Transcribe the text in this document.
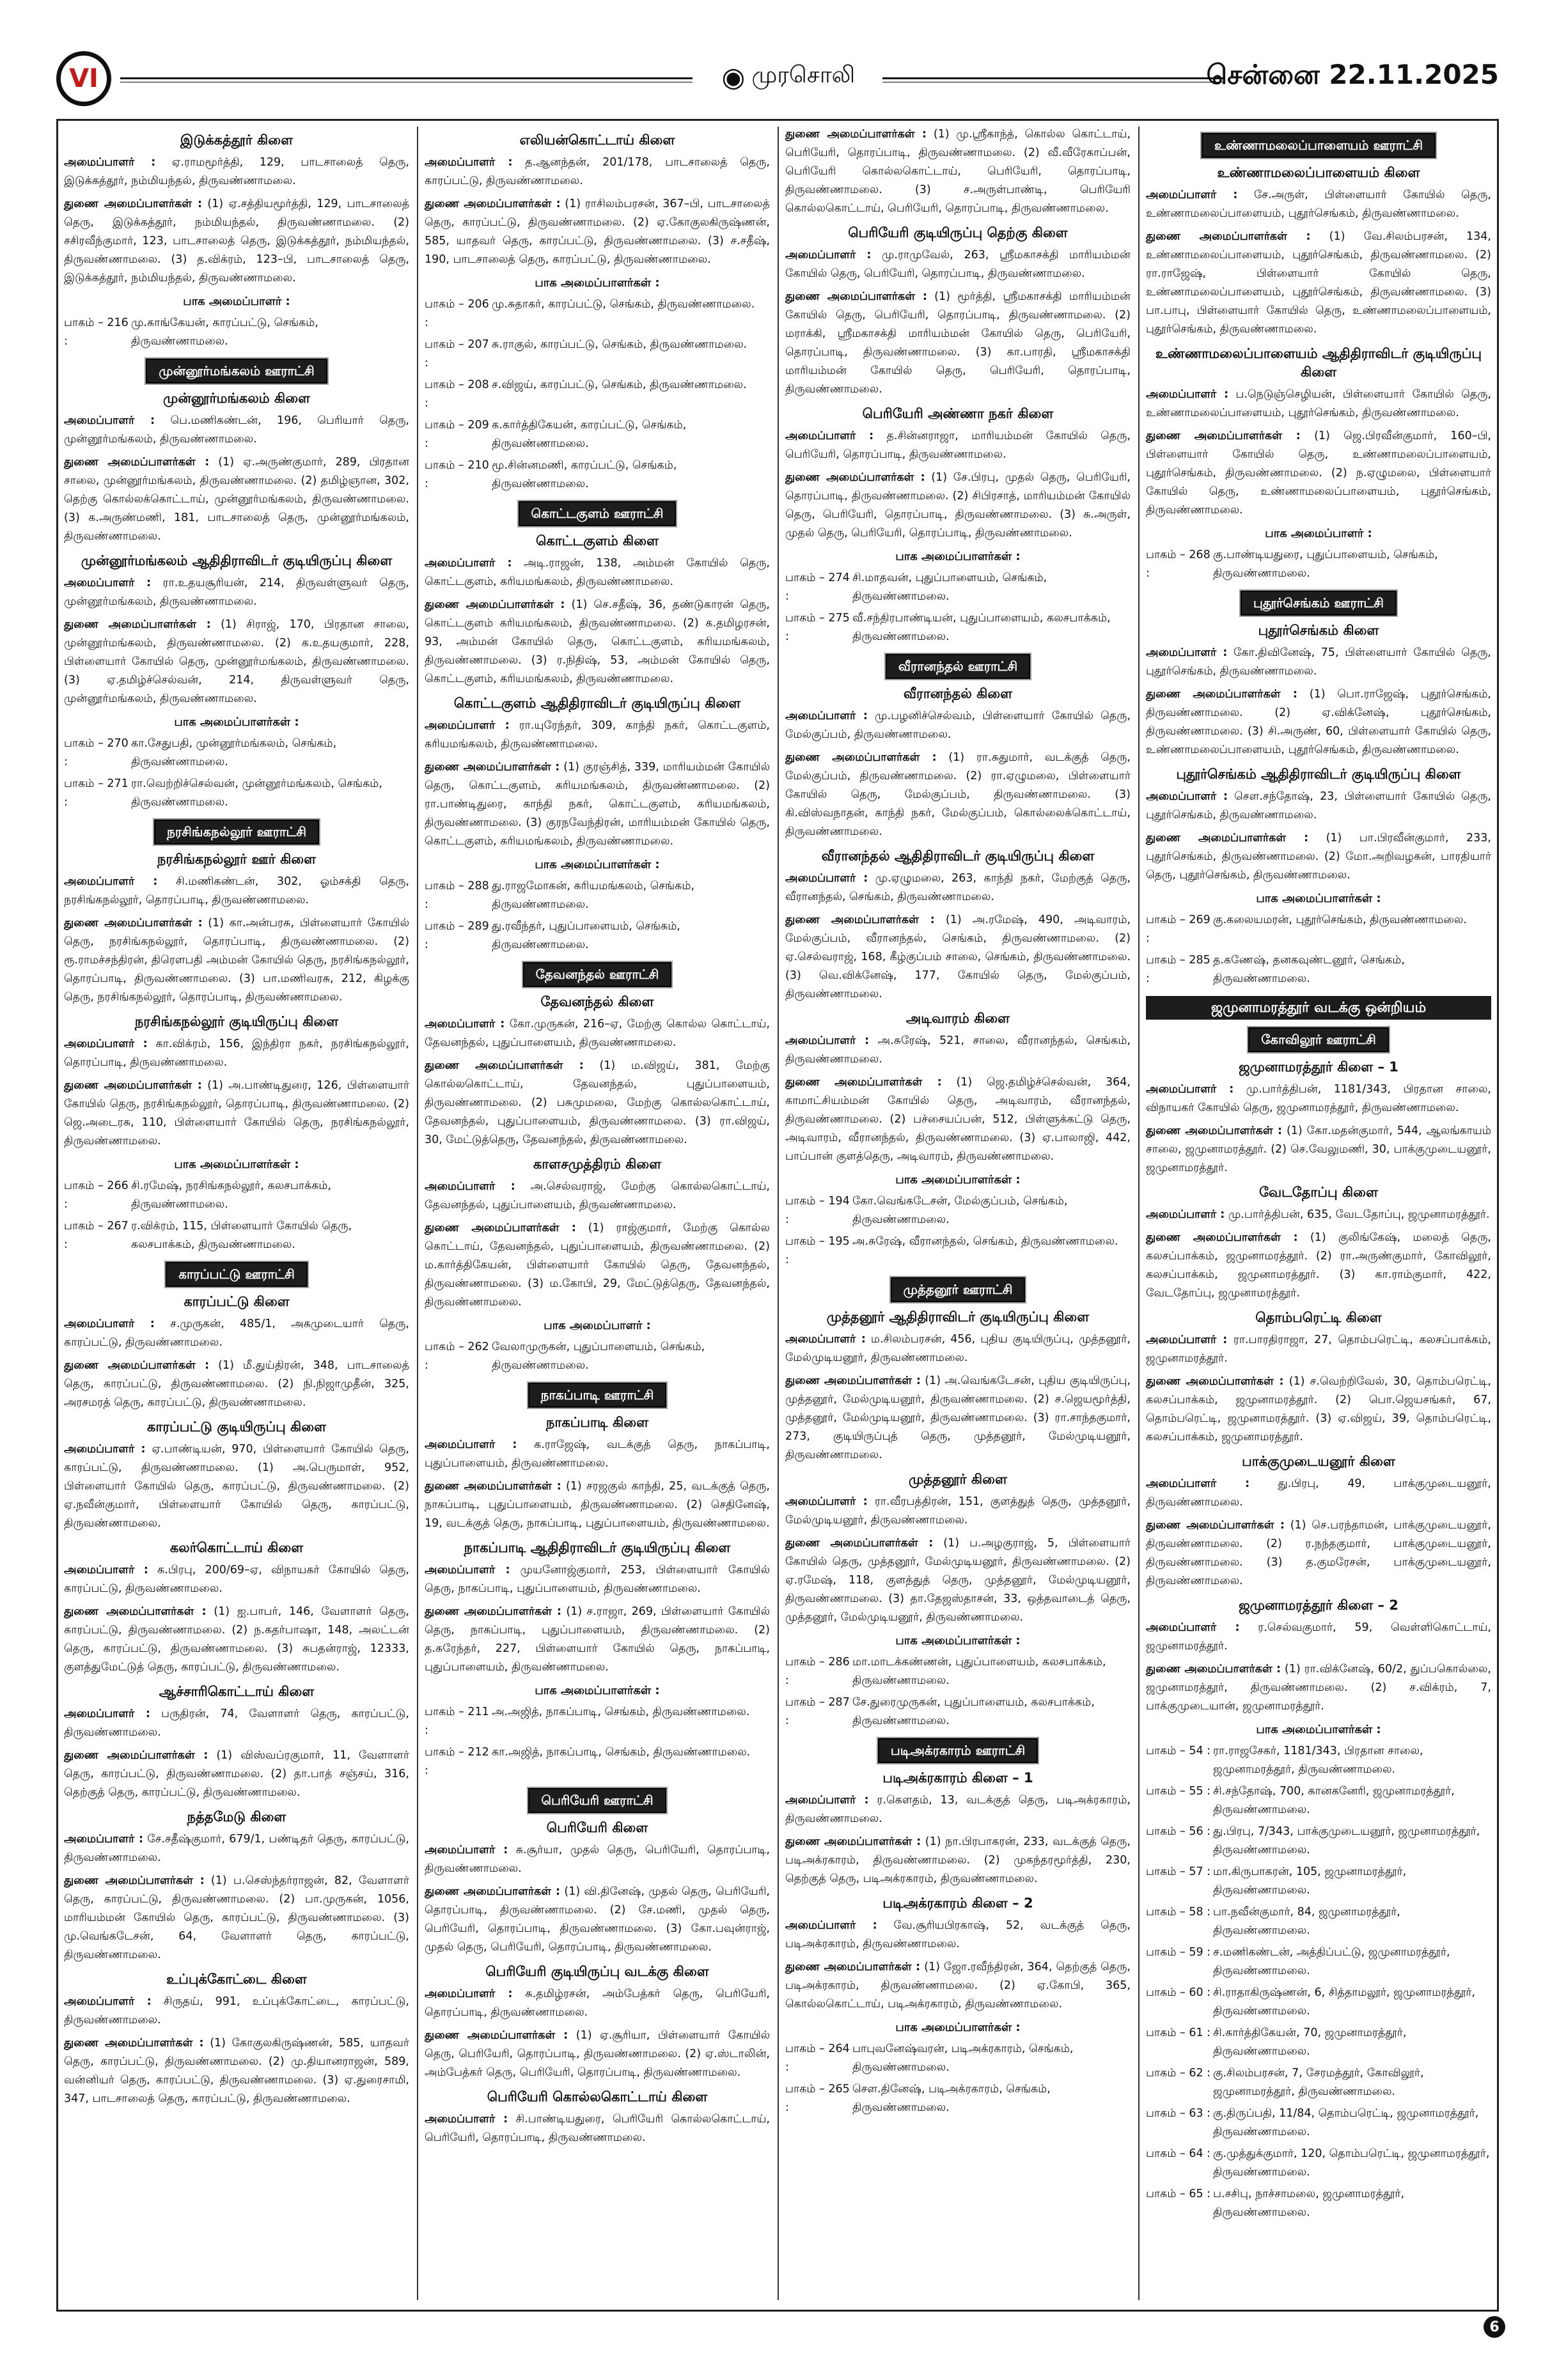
VI	◉ முரசொலி	சென்னை 22.11.2025
இடுக்கத்தூர் கிளை
அமைப்பாளர் : ஏ.ராமமூர்த்தி, 129, பாடசாலைத் தெரு, இடுக்கத்தூர், நம்மியந்தல், திருவண்ணாமலை.
துணை அமைப்பாளர்கள் : (1) ஏ.சத்தியமூர்த்தி, 129, பாடசாலைத் தெரு, இடுக்கத்தூர், நம்மியந்தல், திருவண்ணாமலை. (2) சசிரவீந்குமார், 123, பாடசாலைத் தெரு, இடுக்கத்தூர், நம்மியந்தல், திருவண்ணாமலை. (3) த.விக்ரம், 123–பி, பாடசாலைத் தெரு, இடுக்கத்தூர், நம்மியந்தல், திருவண்ணாமலை.
பாக அமைப்பாளர் :
பாகம் – 216 :
மு.காங்கேயன், காரப்பட்டு, செங்கம், திருவண்ணாமலை.
முன்னூர்மங்கலம் ஊராட்சி
முன்னூர்மங்கலம் கிளை
அமைப்பாளர் : பெ.மணிகண்டன், 196, பெரியார் தெரு, முன்னூர்மங்கலம், திருவண்ணாமலை.
துணை அமைப்பாளர்கள் : (1) ஏ.அருண்குமார், 289, பிரதான சாலை, முன்னூர்மங்கலம், திருவண்ணாமலை. (2) தமிழ்ஞான, 302, தெற்கு கொல்லக்கொட்டாய், முன்னூர்மங்கலம், திருவண்ணாமலை. (3) க.அருண்மணி, 181, பாடசாலைத் தெரு, முன்னூர்மங்கலம், திருவண்ணாமலை.
முன்னூர்மங்கலம் ஆதிதிராவிடர் குடியிருப்பு கிளை
அமைப்பாளர் : ரா.உதயசூரியன், 214, திருவள்ளுவர் தெரு, முன்னூர்மங்கலம், திருவண்ணாமலை.
துணை அமைப்பாளர்கள் : (1) சிராஜ், 170, பிரதான சாலை, முன்னூர்மங்கலம், திருவண்ணாமலை. (2) க.உதயகுமார், 228, பிள்ளையார் கோயில் தெரு, முன்னூர்மங்கலம், திருவண்ணாமலை. (3) ஏ.தமிழ்ச்செல்வன், 214, திருவள்ளுவர் தெரு, முன்னூர்மங்கலம், திருவண்ணாமலை.
பாக அமைப்பாளர்கள் :
பாகம் – 270 :
கா.சேதுபதி, முன்னூர்மங்கலம், செங்கம், திருவண்ணாமலை.
பாகம் – 271 :
ரா.வெற்றிச்செல்வன், முன்னூர்மங்கலம், செங்கம், திருவண்ணாமலை.
நரசிங்கநல்லூர் ஊராட்சி
நரசிங்கநல்லூர் ஊர் கிளை
அமைப்பாளர் : சி.மணிகண்டன், 302, ஓம்சக்தி தெரு, நரசிங்கநல்லூர், தொரப்பாடி, திருவண்ணாமலை.
துணை அமைப்பாளர்கள் : (1) கா.அன்பரசு, பிள்ளையார் கோயில் தெரு, நரசிங்கநல்லூர், தொரப்பாடி, திருவண்ணாமலை. (2) ரூ.ராமச்சந்திரன், திரௌபதி அம்மன் கோயில் தெரு, நரசிங்கநல்லூர், தொரப்பாடி, திருவண்ணாமலை. (3) பா.மணிவரசு, 212, கிழக்கு தெரு, நரசிங்கநல்லூர், தொரப்பாடி, திருவண்ணாமலை.
நரசிங்கநல்லூர் குடியிருப்பு கிளை
அமைப்பாளர் : கா.விக்ரம், 156, இந்திரா நகர், நரசிங்கநல்லூர், தொரப்பாடி, திருவண்ணாமலை.
துணை அமைப்பாளர்கள் : (1) அ.பாண்டிதுரை, 126, பிள்ளையார் கோயில் தெரு, நரசிங்கநல்லூர், தொரப்பாடி, திருவண்ணாமலை. (2) ஜெ.அடைரசு, 110, பிள்ளையார் கோயில் தெரு, நரசிங்கநல்லூர், திருவண்ணாமலை.
பாக அமைப்பாளர்கள் :
பாகம் – 266 :
சி.ரமேஷ், நரசிங்கநல்லூர், கலசபாக்கம், திருவண்ணாமலை.
பாகம் – 267 :
ர.விக்ரம், 115, பிள்ளையார் கோயில் தெரு, கலசபாக்கம், திருவண்ணாமலை.
காரப்பட்டு ஊராட்சி
காரப்பட்டு கிளை
அமைப்பாளர் : ச.முருகன், 485/1, அகமுடையார் தெரு, காரப்பட்டு, திருவண்ணாமலை.
துணை அமைப்பாளர்கள் : (1) மீ.துய்திரன், 348, பாடசாலைத் தெரு, காரப்பட்டு, திருவண்ணாமலை. (2) நி.நிஜாமுதீன், 325, அரசமரத் தெரு, காரப்பட்டு, திருவண்ணாமலை.
காரப்பட்டு குடியிருப்பு கிளை
அமைப்பாளர் : ஏ.பாண்டியன், 970, பிள்ளையார் கோயில் தெரு, காரப்பட்டு, திருவண்ணாமலை. (1) அ.பெருமாள், 952, பிள்ளையார் கோயில் தெரு, காரப்பட்டு, திருவண்ணாமலை. (2) ஏ.நவீன்குமார், பிள்ளையார் கோயில் தெரு, காரப்பட்டு, திருவண்ணாமலை.
கலர்கொட்டாய் கிளை
அமைப்பாளர் : க.பிரபு, 200/69–ஏ, விநாயகர் கோயில் தெரு, காரப்பட்டு, திருவண்ணாமலை.
துணை அமைப்பாளர்கள் : (1) ஐ.பாபர், 146, வேளாளர் தெரு, காரப்பட்டு, திருவண்ணாமலை. (2) ந.கதர்பாஷா, 148, அலட்டன் தெரு, காரப்பட்டு, திருவண்ணாமலை. (3) சுபதன்ராஜ், 12333, குளத்துமேட்டுத் தெரு, காரப்பட்டு, திருவண்ணாமலை.
ஆச்சாரிகொட்டாய் கிளை
அமைப்பாளர் : பருதிரன், 74, வேளாளர் தெரு, காரப்பட்டு, திருவண்ணாமலை.
துணை அமைப்பாளர்கள் : (1) விஸ்வப்ரகுமார், 11, வேளாளர் தெரு, காரப்பட்டு, திருவண்ணாமலை. (2) தா.பாத் சஞ்சய், 316, தெற்குத் தெரு, காரப்பட்டு, திருவண்ணாமலை.
நத்தமேடு கிளை
அமைப்பாளர் : சே.சதீஷ்குமார், 679/1, பண்டிதர் தெரு, காரப்பட்டு, திருவண்ணாமலை.
துணை அமைப்பாளர்கள் : (1) ப.செஸ்ந்தர்ராஜன், 82, வேளாளர் தெரு, காரப்பட்டு, திருவண்ணாமலை. (2) பா.முருகன், 1056, மாரியம்மன் கோயில் தெரு, காரப்பட்டு, திருவண்ணாமலை. (3) மு.வெங்கடேசன், 64, வேளாளர் தெரு, காரப்பட்டு, திருவண்ணாமலை.
உப்புக்கோட்டை கிளை
அமைப்பாளர் : சிருதய், 991, உப்புக்கோட்டை, காரப்பட்டு, திருவண்ணாமலை.
துணை அமைப்பாளர்கள் : (1) கோகுலகிருஷ்ணன், 585, யாதவர் தெரு, காரப்பட்டு, திருவண்ணாமலை. (2) மு.தியானராஜன், 589, வன்னியர் தெரு, காரப்பட்டு, திருவண்ணாமலை. (3) ஏ.துரைசாமி, 347, பாடசாலைத் தெரு, காரப்பட்டு, திருவண்ணாமலை.
எலியன்கொட்டாய் கிளை
அமைப்பாளர் : த.ஆனந்தன், 201/178, பாடசாலைத் தெரு, காரப்பட்டு, திருவண்ணாமலை.
துணை அமைப்பாளர்கள் : (1) ராசிலம்பரசன், 367–பி, பாடசாலைத் தெரு, காரப்பட்டு, திருவண்ணாமலை. (2) ஏ.கோகுலகிருஷ்ணன், 585, யாதவர் தெரு, காரப்பட்டு, திருவண்ணாமலை. (3) ச.சதீஷ், 190, பாடசாலைத் தெரு, காரப்பட்டு, திருவண்ணாமலை.
பாக அமைப்பாளர்கள் :
பாகம் – 206 :
மு.சுதாகர், காரப்பட்டு, செங்கம், திருவண்ணாமலை.
பாகம் – 207 :
சு.ராகுல், காரப்பட்டு, செங்கம், திருவண்ணாமலை.
பாகம் – 208 :
ச.விஜய், காரப்பட்டு, செங்கம், திருவண்ணாமலை.
பாகம் – 209 :
க.கார்த்திகேயன், காரப்பட்டு, செங்கம், திருவண்ணாமலை.
பாகம் – 210 :
மூ.சின்னமணி, காரப்பட்டு, செங்கம், திருவண்ணாமலை.
கொட்டகுளம் ஊராட்சி
கொட்டகுளம் கிளை
அமைப்பாளர் : அடி.ராஜன், 138, அம்மன் கோயில் தெரு, கொட்டகுளம், கரியமங்கலம், திருவண்ணாமலை.
துணை அமைப்பாளர்கள் : (1) செ.சதீஷ், 36, தண்டுகாரன் தெரு, கொட்டகுளம் கரியமங்கலம், திருவண்ணாமலை. (2) க.தமிழரசன், 93, அம்மன் கோயில் தெரு, கொட்டகுளம், கரியமங்கலம், திருவண்ணாமலை. (3) ர.நிதிஷ், 53, அம்மன் கோயில் தெரு, கொட்டகுளம், கரியமங்கலம், திருவண்ணாமலை.
கொட்டகுளம் ஆதிதிராவிடர் குடியிருப்பு கிளை
அமைப்பாளர் : ரா.யுரேந்தர், 309, காந்தி நகர், கொட்டகுளம், கரியமங்கலம், திருவண்ணாமலை.
துணை அமைப்பாளர்கள் : (1) குரஞ்சித், 339, மாரியம்மன் கோயில் தெரு, கொட்டகுளம், கரியமங்கலம், திருவண்ணாமலை. (2) ரா.பாண்டிதுரை, காந்தி நகர், கொட்டகுளம், கரியமங்கலம், திருவண்ணாமலை. (3) குரநவேந்திரன், மாரியம்மன் கோயில் தெரு, கொட்டகுளம், கரியமங்கலம், திருவண்ணாமலை.
பாக அமைப்பாளர்கள் :
பாகம் – 288 :
து.ராஜமோகன், கரியமங்கலம், செங்கம், திருவண்ணாமலை.
பாகம் – 289 :
து.ரவீந்தர், புதுப்பாளையம், செங்கம், திருவண்ணாமலை.
தேவனந்தல் ஊராட்சி
தேவனந்தல் கிளை
அமைப்பாளர் : கோ.முருகன், 216–ஏ, மேற்கு கொல்ல கொட்டாய், தேவனந்தல், புதுப்பாளையம், திருவண்ணாமலை.
துணை அமைப்பாளர்கள் : (1) ம.விஜய், 381, மேற்கு கொல்லகொட்டாய், தேவனந்தல், புதுப்பாளையம், திருவண்ணாமலை. (2) பசுமுமலை, மேற்கு கொல்லகொட்டாய், தேவனந்தல், புதுப்பாளையம், திருவண்ணாமலை. (3) ரா.விஜய், 30, மேட்டுத்தெரு, தேவனந்தல், திருவண்ணாமலை.
காளசமுத்திரம் கிளை
அமைப்பாளர் : அ.செல்வராஜ், மேற்கு கொல்லகொட்டாய், தேவனந்தல், புதுப்பாளையம், திருவண்ணாமலை.
துணை அமைப்பாளர்கள் : (1) ராஜ்குமார், மேற்கு கொல்ல கொட்டாய், தேவனந்தல், புதுப்பாளையம், திருவண்ணாமலை. (2) ம.கார்த்திகேயன், பிள்ளையார் கோயில் தெரு, தேவனந்தல், திருவண்ணாமலை. (3) ம.கோபி, 29, மேட்டுத்தெரு, தேவனந்தல், திருவண்ணாமலை.
பாக அமைப்பாளர் :
பாகம் – 262 :
வேலாமுருகன், புதுப்பாளையம், செங்கம், திருவண்ணாமலை.
நாகப்பாடி ஊராட்சி
நாகப்பாடி கிளை
அமைப்பாளர் : க.ராஜேஷ், வடக்குத் தெரு, நாகப்பாடி, புதுப்பாளையம், திருவண்ணாமலை.
துணை அமைப்பாளர்கள் : (1) சரஜகுல் காந்தி, 25, வடக்குத் தெரு, நாகப்பாடி, புதுப்பாளையம், திருவண்ணாமலை. (2) செதினேஷ், 19, வடக்குத் தெரு, நாகப்பாடி, புதுப்பாளையம், திருவண்ணாமலை.
நாகப்பாடி ஆதிதிராவிடர் குடியிருப்பு கிளை
அமைப்பாளர் : முயனோஜ்குமார், 253, பிள்ளையார் கோயில் தெரு, நாகப்பாடி, புதுப்பாளையம், திருவண்ணாமலை.
துணை அமைப்பாளர்கள் : (1) ச.ராஜா, 269, பிள்ளையார் கோயில் தெரு, நாகப்பாடி, புதுப்பாளையம், திருவண்ணாமலை. (2) த.சுரேந்தர், 227, பிள்ளையார் கோயில் தெரு, நாகப்பாடி, புதுப்பாளையம், திருவண்ணாமலை.
பாக அமைப்பாளர்கள் :
பாகம் – 211 :
அ.அஜித், நாகப்பாடி, செங்கம், திருவண்ணாமலை.
பாகம் – 212 :
கா.அஜித், நாகப்பாடி, செங்கம், திருவண்ணாமலை.
பெரியேரி ஊராட்சி
பெரியேரி கிளை
அமைப்பாளர் : சு.சூர்யா, முதல் தெரு, பெரியேரி, தொரப்பாடி, திருவண்ணாமலை.
துணை அமைப்பாளர்கள் : (1) வி.தினேஷ், முதல் தெரு, பெரியேரி, தொரப்பாடி, திருவண்ணாமலை. (2) சே.மணி, முதல் தெரு, பெரியேரி, தொரப்பாடி, திருவண்ணாமலை. (3) கோ.பவுன்ராஜ், முதல் தெரு, பெரியேரி, தொரப்பாடி, திருவண்ணாமலை.
பெரியேரி குடியிருப்பு வடக்கு கிளை
அமைப்பாளர் : சு.தமிழ்ரசன், அம்பேத்கர் தெரு, பெரியேரி, தொரப்பாடி, திருவண்ணாமலை.
துணை அமைப்பாளர்கள் : (1) ஏ.சூரியா, பிள்ளையார் கோயில் தெரு, பெரியேரி, தொரப்பாடி, திருவண்ணாமலை. (2) ஏ.ஸ்டாலின், அம்பேத்கர் தெரு, பெரியேரி, தொரப்பாடி, திருவண்ணாமலை.
பெரியேரி கொல்லகொட்டாய் கிளை
அமைப்பாளர் : சி.பாண்டியதுரை, பெரியேரி கொல்லகொட்டாய், பெரியேரி, தொரப்பாடி, திருவண்ணாமலை.
துணை அமைப்பாளர்கள் : (1) மு.ஸ்ரீகாந்த், கொல்ல கொட்டாய், பெரியேரி, தொரப்பாடி, திருவண்ணாமலை. (2) வீ.வீரேகாப்பன், பெரியேரி கொல்லகொட்டாய், பெரியேரி, தொரப்பாடி, திருவண்ணாமலை. (3) ச.அருள்பாண்டி, பெரியேரி கொல்லகொட்டாய், பெரியேரி, தொரப்பாடி, திருவண்ணாமலை.
பெரியேரி குடியிருப்பு தெற்கு கிளை
அமைப்பாளர் : மு.ராமுவேல், 263, ஸ்ரீமகாசக்தி மாரியம்மன் கோயில் தெரு, பெரியேரி, தொரப்பாடி, திருவண்ணாமலை.
துணை அமைப்பாளர்கள் : (1) மூர்த்தி, ஸ்ரீமகாசக்தி மாரியம்மன் கோயில் தெரு, பெரியேரி, தொரப்பாடி, திருவண்ணாமலை. (2) மராக்கி, ஸ்ரீமகாசக்தி மாரியம்மன் கோயில் தெரு, பெரியேரி, தொரப்பாடி, திருவண்ணாமலை. (3) கா.பாரதி, ஸ்ரீமகாசக்தி மாரியம்மன் கோயில் தெரு, பெரியேரி, தொரப்பாடி, திருவண்ணாமலை.
பெரியேரி அண்ணா நகர் கிளை
அமைப்பாளர் : த.சின்னராஜா, மாரியம்மன் கோயில் தெரு, பெரியேரி, தொரப்பாடி, திருவண்ணாமலை.
துணை அமைப்பாளர்கள் : (1) சே.பிரபு, முதல் தெரு, பெரியேரி, தொரப்பாடி, திருவண்ணாமலை. (2) சிபிரசாத், மாரியம்மன் கோயில் தெரு, பெரியேரி, தொரப்பாடி, திருவண்ணாமலை. (3) சு.அருள், முதல் தெரு, பெரியேரி, தொரப்பாடி, திருவண்ணாமலை.
பாக அமைப்பாளர்கள் :
பாகம் – 274 :
சி.மாதவன், புதுப்பாளையம், செங்கம், திருவண்ணாமலை.
பாகம் – 275 :
வீ.சந்திரபாண்டியன், புதுப்பாளையம், கலசபாக்கம், திருவண்ணாமலை.
வீரானந்தல் ஊராட்சி
வீரானந்தல் கிளை
அமைப்பாளர் : மு.பழனிச்செல்வம், பிள்ளையார் கோயில் தெரு, மேல்குப்பம், திருவண்ணாமலை.
துணை அமைப்பாளர்கள் : (1) ரா.சுதுமார், வடக்குத் தெரு, மேல்குப்பம், திருவண்ணாமலை. (2) ரா.ஏழுமலை, பிள்ளையார் கோயில் தெரு, மேல்குப்பம், திருவண்ணாமலை. (3) கி.விஸ்வநாதன், காந்தி நகர், மேல்குப்பம், கொல்லைக்கொட்டாய், திருவண்ணாமலை.
வீரானந்தல் ஆதிதிராவிடர் குடியிருப்பு கிளை
அமைப்பாளர் : மு.ஏழுமலை, 263, காந்தி நகர், மேற்குத் தெரு, வீரானந்தல், செங்கம், திருவண்ணாமலை.
துணை அமைப்பாளர்கள் : (1) அ.ரமேஷ், 490, அடிவாரம், மேல்குப்பம், வீரானந்தல், செங்கம், திருவண்ணாமலை. (2) ஏ.செல்வராஜ், 168, கீழ்குப்பம் சாலை, செங்கம், திருவண்ணாமலை. (3) வெ.விக்னேஷ், 177, கோயில் தெரு, மேல்குப்பம், திருவண்ணாமலை.
அடிவாரம் கிளை
அமைப்பாளர் : அ.சுரேஷ், 521, சாலை, வீரானந்தல், செங்கம், திருவண்ணாமலை.
துணை அமைப்பாளர்கள் : (1) ஜெ.தமிழ்ச்செல்வன், 364, காமாட்சியம்மன் கோயில் தெரு, அடிவாரம், வீரானந்தல், திருவண்ணாமலை. (2) பச்சையப்பன், 512, பிள்ளுக்கட்டு தெரு, அடிவாரம், வீரானந்தல், திருவண்ணாமலை. (3) ஏ.பாலாஜி, 442, பாப்பான் குளத்தெரு, அடிவாரம், திருவண்ணாமலை.
பாக அமைப்பாளர்கள் :
பாகம் – 194 :
கோ.வெங்கடேசன், மேல்குப்பம், செங்கம், திருவண்ணாமலை.
பாகம் – 195 :
அ.சுரேஷ், வீரானந்தல், செங்கம், திருவண்ணாமலை.
முத்தனூர் ஊராட்சி
முத்தனூர் ஆதிதிராவிடர் குடியிருப்பு கிளை
அமைப்பாளர் : ம.சிலம்பரசன், 456, புதிய குடியிருப்பு, முத்தனூர், மேல்முடியனூர், திருவண்ணாமலை.
துணை அமைப்பாளர்கள் : (1) அ.வெங்கடேசன், புதிய குடியிருப்பு, முத்தனூர், மேல்முடியனூர், திருவண்ணாமலை. (2) ச.ஜெயமூர்த்தி, முத்தனூர், மேல்முடியனூர், திருவண்ணாமலை. (3) ரா.சாந்தகுமார், 273, குடியிருப்புத் தெரு, முத்தனூர், மேல்முடியனூர், திருவண்ணாமலை.
முத்தனூர் கிளை
அமைப்பாளர் : ரா.வீரபத்திரன், 151, குளத்துத் தெரு, முத்தனூர், மேல்முடியனூர், திருவண்ணாமலை.
துணை அமைப்பாளர்கள் : (1) ப.அழகுராஜ், 5, பிள்ளையார் கோயில் தெரு, முத்தனூர், மேல்முடியனூர், திருவண்ணாமலை. (2) ஏ.ரமேஷ், 118, குளத்துத் தெரு, முத்தனூர், மேல்முடியனூர், திருவண்ணாமலை. (3) தா.தேஜஸ்தாசன், 33, ஒத்தவாடைத் தெரு, முத்தனூர், மேல்முடியனூர், திருவண்ணாமலை.
பாக அமைப்பாளர்கள் :
பாகம் – 286 :
மா.மாடக்கண்ணன், புதுப்பாளையம், கலசபாக்கம், திருவண்ணாமலை.
பாகம் – 287 :
சே.துரைமுருகன், புதுப்பாளையம், கலசபாக்கம், திருவண்ணாமலை.
படிஅக்ரகாரம் ஊராட்சி
படிஅக்ரகாரம் கிளை – 1
அமைப்பாளர் : ர.கௌதம், 13, வடக்குத் தெரு, படிஅக்ரகாரம், திருவண்ணாமலை.
துணை அமைப்பாளர்கள் : (1) நா.பிரபாகரன், 233, வடக்குத் தெரு, படிஅக்ரகாரம், திருவண்ணாமலை. (2) முகந்தரமூர்த்தி, 230, தெற்குத் தெரு, படிஅக்ரகாரம், திருவண்ணாமலை.
படிஅக்ரகாரம் கிளை – 2
அமைப்பாளர் : வே.சூரியபிரகாஷ், 52, வடக்குத் தெரு, படிஅக்ரகாரம், திருவண்ணாமலை.
துணை அமைப்பாளர்கள் : (1) ஜோ.ரவீந்திரன், 364, தெற்குத் தெரு, படிஅக்ரகாரம், திருவண்ணாமலை. (2) ஏ.கோபி, 365, கொல்லகொட்டாய், படிஅக்ரகாரம், திருவண்ணாமலை.
பாக அமைப்பாளர்கள் :
பாகம் – 264 :
பாபுவனேஷ்வரன், படிஅக்ரகாரம், செங்கம், திருவண்ணாமலை.
பாகம் – 265 :
செள.தினேஷ், படிஅக்ரகாரம், செங்கம், திருவண்ணாமலை.
உண்ணாமலைப்பாளையம் ஊராட்சி
உண்ணாமலைப்பாளையம் கிளை
அமைப்பாளர் : சே.அருள், பிள்ளையார் கோயில் தெரு, உண்ணாமலைப்பாளையம், புதூர்செங்கம், திருவண்ணாமலை.
துணை அமைப்பாளர்கள் : (1) வே.சிலம்பரசன், 134, உண்ணாமலைப்பாளையம், புதூர்செங்கம், திருவண்ணாமலை. (2) ரா.ராஜேஷ், பிள்ளையார் கோயில் தெரு, உண்ணாமலைப்பாளையம், புதூர்செங்கம், திருவண்ணாமலை. (3) பா.பாபு, பிள்ளையார் கோயில் தெரு, உண்ணாமலைப்பாளையம், புதூர்செங்கம், திருவண்ணாமலை.
உண்ணாமலைப்பாளையம் ஆதிதிராவிடர் குடியிருப்பு கிளை
அமைப்பாளர் : ப.நெடுஞ்செழியன், பிள்ளையார் கோயில் தெரு, உண்ணாமலைப்பாளையம், புதூர்செங்கம், திருவண்ணாமலை.
துணை அமைப்பாளர்கள் : (1) ஜெ.பிரவீன்குமார், 160–பி, பிள்ளையார் கோயில் தெரு, உண்ணாமலைப்பாளையம், புதூர்செங்கம், திருவண்ணாமலை. (2) ந.ஏழுமலை, பிள்ளையார் கோயில் தெரு, உண்ணாமலைப்பாளையம், புதூர்செங்கம், திருவண்ணாமலை.
பாக அமைப்பாளர் :
பாகம் – 268 :
கு.பாண்டியதுரை, புதுப்பாளையம், செங்கம், திருவண்ணாமலை.
புதூர்செங்கம் ஊராட்சி
புதூர்செங்கம் கிளை
அமைப்பாளர் : கோ.திவினேஷ், 75, பிள்ளையார் கோயில் தெரு, புதூர்செங்கம், திருவண்ணாமலை.
துணை அமைப்பாளர்கள் : (1) பொ.ராஜேஷ், புதூர்செங்கம், திருவண்ணாமலை. (2) ஏ.விக்னேஷ், புதூர்செங்கம், திருவண்ணாமலை. (3) சி.அருண், 60, பிள்ளையார் கோயில் தெரு, உண்ணாமலைப்பாளையம், புதூர்செங்கம், திருவண்ணாமலை.
புதூர்செங்கம் ஆதிதிராவிடர் குடியிருப்பு கிளை
அமைப்பாளர் : செள.சந்தோஷ், 23, பிள்ளையார் கோயில் தெரு, புதூர்செங்கம், திருவண்ணாமலை.
துணை அமைப்பாளர்கள் : (1) பா.பிரவீன்குமார், 233, புதூர்செங்கம், திருவண்ணாமலை. (2) மோ.அறிவழகன், பாரதியார் தெரு, புதூர்செங்கம், திருவண்ணாமலை.
பாக அமைப்பாளர்கள் :
பாகம் – 269 :
கு.கலையமரன், புதூர்செங்கம், திருவண்ணாமலை.
பாகம் – 285 :
த.கணேஷ், தனகவுண்டனூர், செங்கம், திருவண்ணாமலை.
ஜமுனாமரத்தூர் வடக்கு ஒன்றியம்
கோவிலூர் ஊராட்சி
ஜமுனாமரத்தூர் கிளை – 1
அமைப்பாளர் : மு.பார்த்திபன், 1181/343, பிரதான சாலை, விநாயகர் கோயில் தெரு, ஜமுனாமரத்தூர், திருவண்ணாமலை.
துணை அமைப்பாளர்கள் : (1) கோ.மதன்குமார், 544, ஆலங்காயம் சாலை, ஜமுனாமரத்தூர். (2) செ.வேலுமணி, 30, பாக்குமுடையனூர், ஜமுனாமரத்தூர்.
வேடதோப்பு கிளை
அமைப்பாளர் : மு.பார்த்திபன், 635, வேடதோப்பு, ஜமுனாமரத்தூர்.
துணை அமைப்பாளர்கள் : (1) குலிங்கேஷ், மலைத் தெரு, கலசப்பாக்கம், ஜமுனாமரத்தூர். (2) ரா.அருண்குமார், கோவிலூர், கலசப்பாக்கம், ஜமுனாமரத்தூர். (3) கா.ராம்குமார், 422, வேடதோப்பு, ஜமுனாமரத்தூர்.
தொம்பரெட்டி கிளை
அமைப்பாளர் : ரா.பாரதிராஜா, 27, தொம்பரெட்டி, கலசப்பாக்கம், ஜமுனாமரத்தூர்.
துணை அமைப்பாளர்கள் : (1) ச.வெற்றிவேல், 30, தொம்பரெட்டி, கலசப்பாக்கம், ஜமுனாமரத்தூர். (2) பொ.ஜெயசங்கர், 67, தொம்பரெட்டி, ஜமுனாமரத்தூர். (3) ஏ.விஜய், 39, தொம்பரெட்டி, கலசப்பாக்கம், ஜமுனாமரத்தூர்.
பாக்குமுடையனூர் கிளை
அமைப்பாளர் :	து.பிரபு, 49, பாக்குமுடையனூர், திருவண்ணாமலை.
துணை அமைப்பாளர்கள் : (1) செ.பரந்தாமன், பாக்குமுடையனூர், திருவண்ணாமலை. (2) ர.நந்தகுமார், பாக்குமுடையனூர், திருவண்ணாமலை. (3) த.குமரேசன், பாக்குமுடையனூர், திருவண்ணாமலை.
ஜமுனாமரத்தூர் கிளை – 2
அமைப்பாளர் : ர.செல்வகுமார், 59, வெள்ளிகொட்டாய், ஜமுனாமரத்தூர்.
துணை அமைப்பாளர்கள் : (1) ரா.விக்னேஷ், 60/2, துப்பகொல்லை, ஜமுனாமரத்தூர், திருவண்ணாமலை. (2) ச.விக்ரம், 7, பாக்குமுடையான், ஜமுனாமரத்தூர்.
பாக அமைப்பாளர்கள் :
பாகம் – 54 : ரா.ராஜசேகர், 1181/343, பிரதான சாலை, ஜமுனாமரத்தூர், திருவண்ணாமலை.
பாகம் – 55 : சி.சந்தோஷ், 700, கானகனேரி, ஜமுனாமரத்தூர், திருவண்ணாமலை.
பாகம் – 56 : து.பிரபு, 7/343, பாக்குமுடையனூர், ஜமுனாமரத்தூர், திருவண்ணாமலை.
பாகம் – 57 : மா.கிருபாகரன், 105, ஜமுனாமரத்தூர், திருவண்ணாமலை.
பாகம் – 58 : பா.நவீன்குமார், 84, ஜமுனாமரத்தூர், திருவண்ணாமலை.
பாகம் – 59 : ச.மணிகண்டன், அத்திப்பட்டு, ஜமுனாமரத்தூர், திருவண்ணாமலை.
பாகம் – 60 : சி.ராதாகிருஷ்ணன், 6, சித்தாமலூர், ஜமுனாமரத்தூர், திருவண்ணாமலை.
பாகம் – 61 : சி.கார்த்திகேயன், 70, ஜமுனாமரத்தூர், திருவண்ணாமலை.
பாகம் – 62 : கு.சிலம்பரசன், 7, சேரமத்தூர், கோவிலூர், ஜமுனாமரத்தூர், திருவண்ணாமலை.
பாகம் – 63 : கு.திருப்பதி, 11/84, தொம்பரெட்டி, ஜமுனாமரத்தூர், திருவண்ணாமலை.
பாகம் – 64 : கு.முத்துக்குமார், 120, தொம்பரெட்டி, ஜமுனாமரத்தூர், திருவண்ணாமலை.
பாகம் – 65 : ப.சசிபு, நாச்சாமலை, ஜமுனாமரத்தூர், திருவண்ணாமலை.
6
